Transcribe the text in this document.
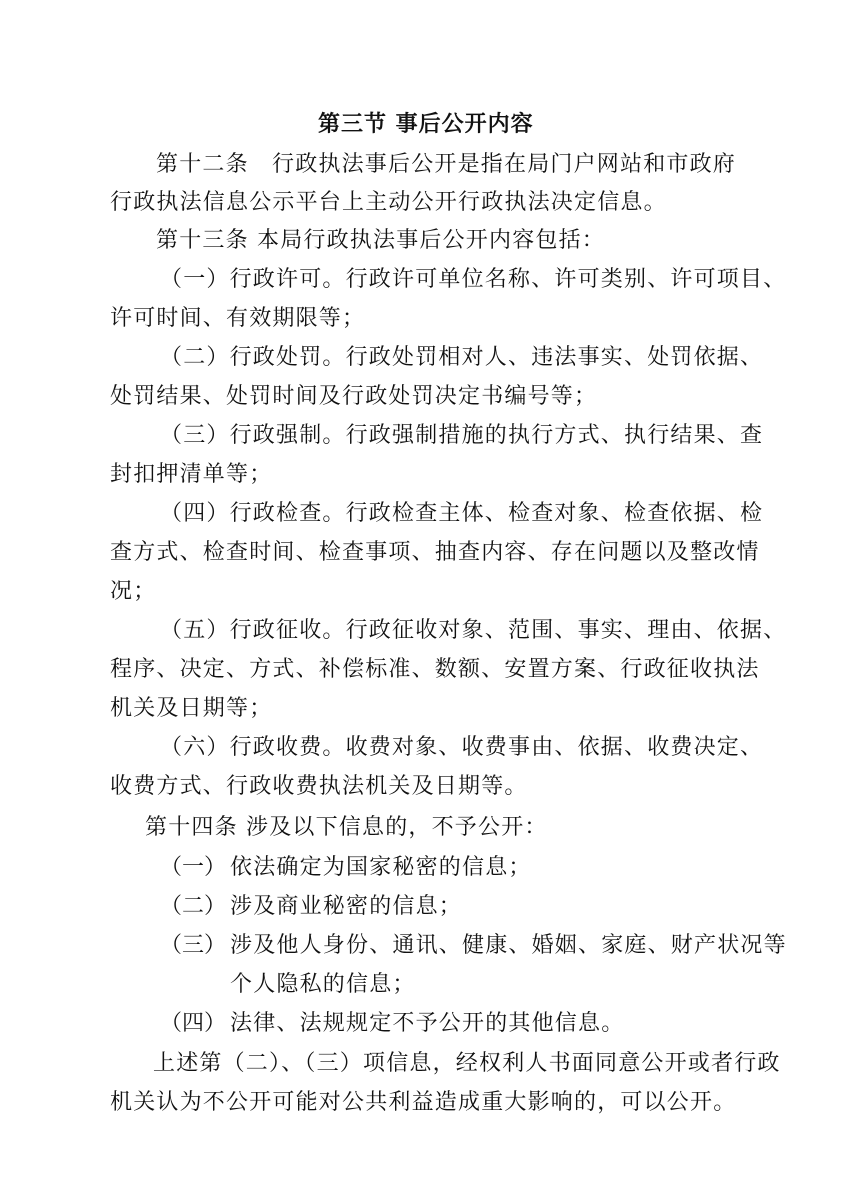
第三节 事后公开内容
第十二条　行政执法事后公开是指在局门户网站和市政府
行政执法信息公示平台上主动公开行政执法决定信息。
第十三条 本局行政执法事后公开内容包括：
（一）行政许可。行政许可单位名称、许可类别、许可项目、
许可时间、有效期限等；
（二）行政处罚。行政处罚相对人、违法事实、处罚依据、
处罚结果、处罚时间及行政处罚决定书编号等；
（三）行政强制。行政强制措施的执行方式、执行结果、查
封扣押清单等；
（四）行政检查。行政检查主体、检查对象、检查依据、检
查方式、检查时间、检查事项、抽查内容、存在问题以及整改情
况；
（五）行政征收。行政征收对象、范围、事实、理由、依据、
程序、决定、方式、补偿标准、数额、安置方案、行政征收执法
机关及日期等；
（六）行政收费。收费对象、收费事由、依据、收费决定、
收费方式、行政收费执法机关及日期等。
第十四条 涉及以下信息的，不予公开：
（一） 依法确定为国家秘密的信息；
（二） 涉及商业秘密的信息；
（三） 涉及他人身份、通讯、健康、婚姻、家庭、财产状况等
个人隐私的信息；
（四） 法律、法规规定不予公开的其他信息。
上述第（二）、（三）项信息，经权利人书面同意公开或者行政
机关认为不公开可能对公共利益造成重大影响的，可以公开。
